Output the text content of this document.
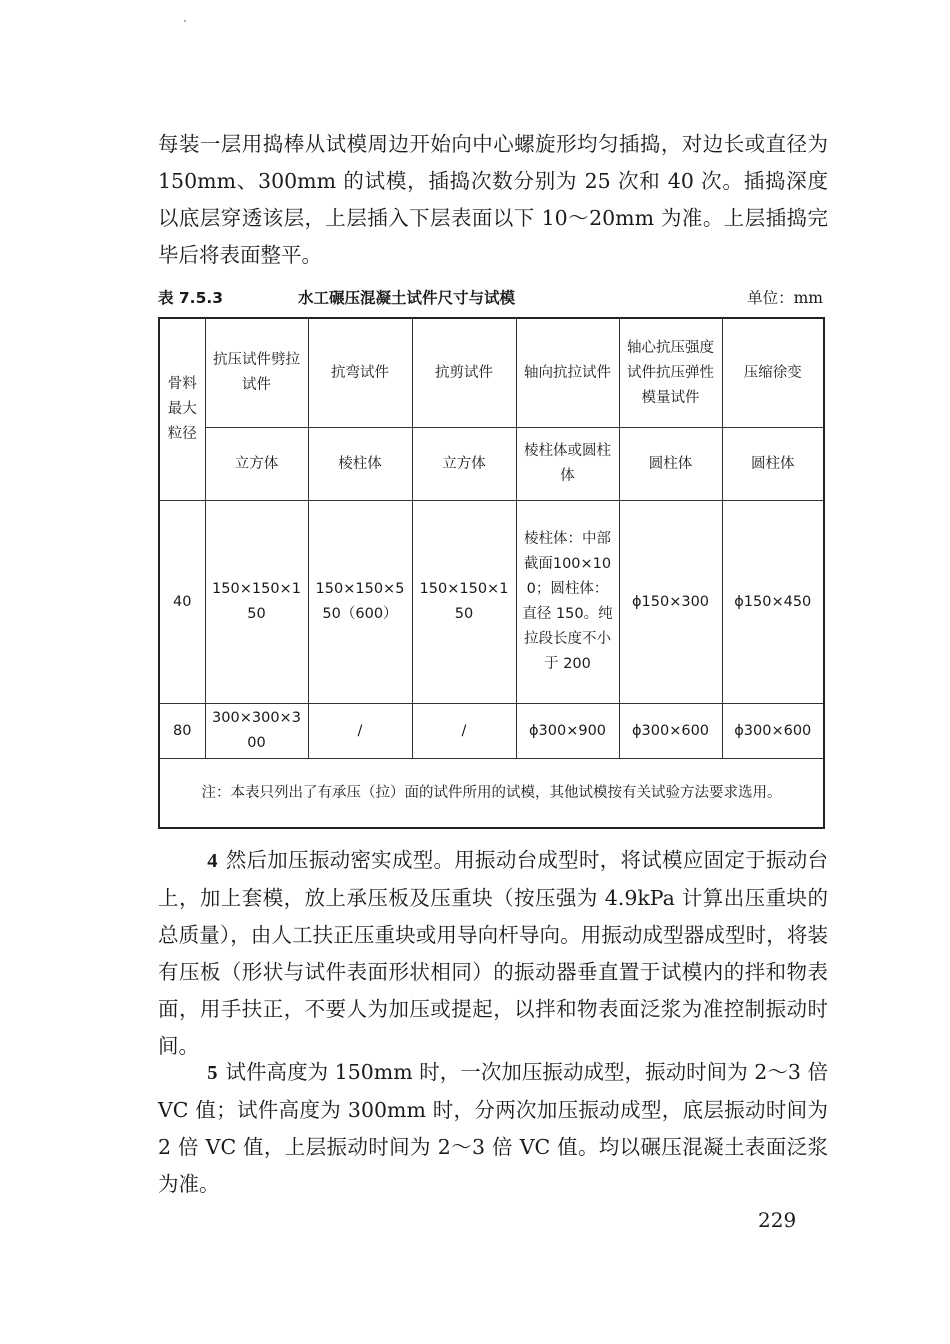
每装一层用捣棒从试模周边开始向中心螺旋形均匀插捣，对边长或直径为 150mm、300mm 的试模，插捣次数分别为 25 次和 40 次。插捣深度以底层穿透该层，上层插入下层表面以下 10～20mm 为准。上层插捣完毕后将表面整平。

表 7.5.3	水工碾压混凝土试件尺寸与试模	单位：mm
骨料最大粒径	抗压试件劈拉试件	抗弯试件	抗剪试件	轴向抗拉试件	轴心抗压强度试件抗压弹性模量试件	压缩徐变
	立方体	棱柱体	立方体	棱柱体或圆柱体	圆柱体	圆柱体
40	150×150×150	150×150×550（600）	150×150×150	棱柱体：中部截面100×100；圆柱体：直径 150。纯拉段长度不小于 200	ϕ150×300	ϕ150×450
80	300×300×300	/	/	ϕ300×900	ϕ300×600	ϕ300×600

注：本表只列出了有承压（拉）面的试件所用的试模，其他试模按有关试验方法要求选用。						

4 然后加压振动密实成型。用振动台成型时，将试模应固定于振动台上，加上套模，放上承压板及压重块（按压强为 4.9kPa 计算出压重块的总质量），由人工扶正压重块或用导向杆导向。用振动成型器成型时，将装有压板（形状与试件表面形状相同）的振动器垂直置于试模内的拌和物表面，用手扶正，不要人为加压或提起，以拌和物表面泛浆为准控制振动时间。

5 试件高度为 150mm 时，一次加压振动成型，振动时间为 2～3 倍 VC 值；试件高度为 300mm 时，分两次加压振动成型，底层振动时间为 2 倍 VC 值，上层振动时间为 2～3 倍 VC 值。均以碾压混凝土表面泛浆为准。

229
